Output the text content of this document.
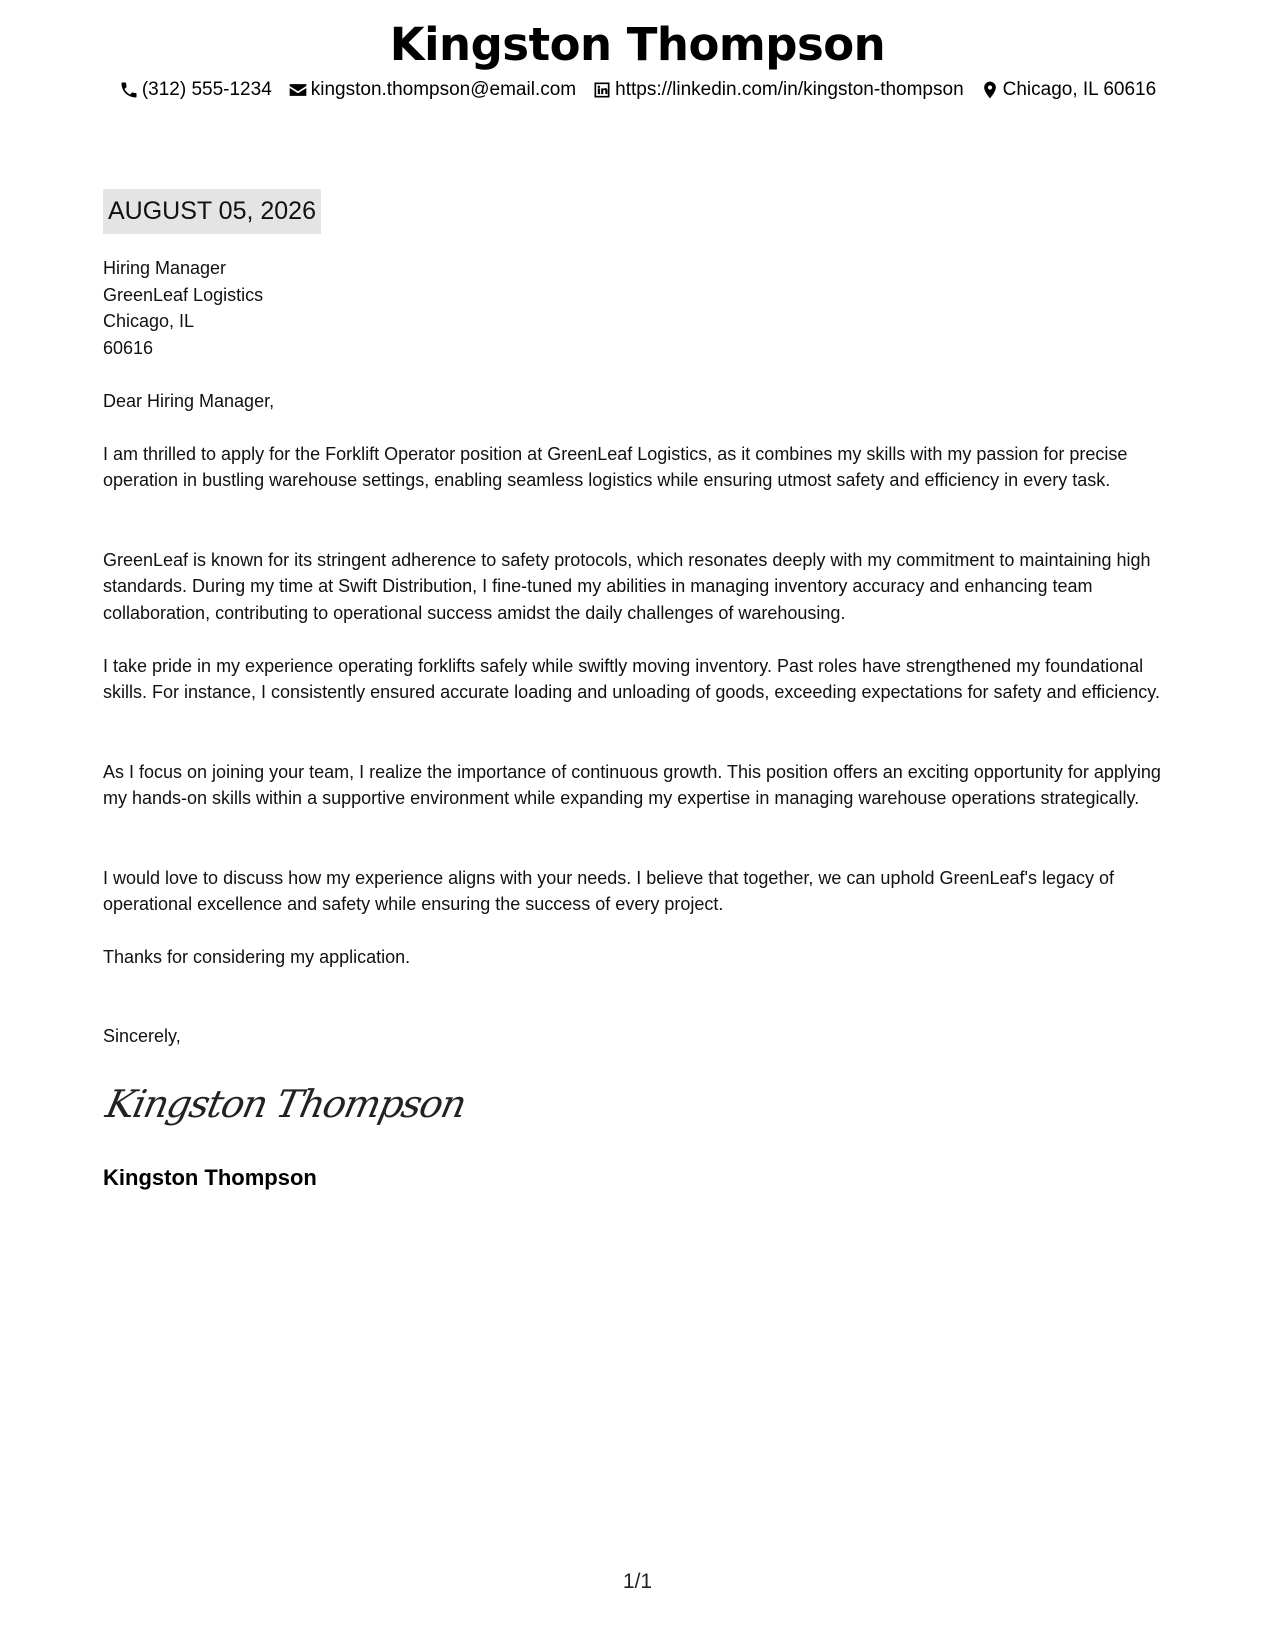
Kingston Thompson
(312) 555-1234 kingston.thompson@email.com https://linkedin.com/in/kingston-thompson Chicago, IL 60616
AUGUST 05, 2026
Hiring Manager
GreenLeaf Logistics
Chicago, IL
60616
Dear Hiring Manager,

I am thrilled to apply for the Forklift Operator position at GreenLeaf Logistics, as it combines my skills with my passion for precise operation in bustling warehouse settings, enabling seamless logistics while ensuring utmost safety and efficiency in every task.

GreenLeaf is known for its stringent adherence to safety protocols, which resonates deeply with my commitment to maintaining high standards. During my time at Swift Distribution, I fine-tuned my abilities in managing inventory accuracy and enhancing team collaboration, contributing to operational success amidst the daily challenges of warehousing.

I take pride in my experience operating forklifts safely while swiftly moving inventory. Past roles have strengthened my foundational skills. For instance, I consistently ensured accurate loading and unloading of goods, exceeding expectations for safety and efficiency.

As I focus on joining your team, I realize the importance of continuous growth. This position offers an exciting opportunity for applying my hands-on skills within a supportive environment while expanding my expertise in managing warehouse operations strategically.

I would love to discuss how my experience aligns with your needs. I believe that together, we can uphold GreenLeaf's legacy of operational excellence and safety while ensuring the success of every project.

Thanks for considering my application.
Sincerely,
Kingston Thompson
Kingston Thompson
1/1
